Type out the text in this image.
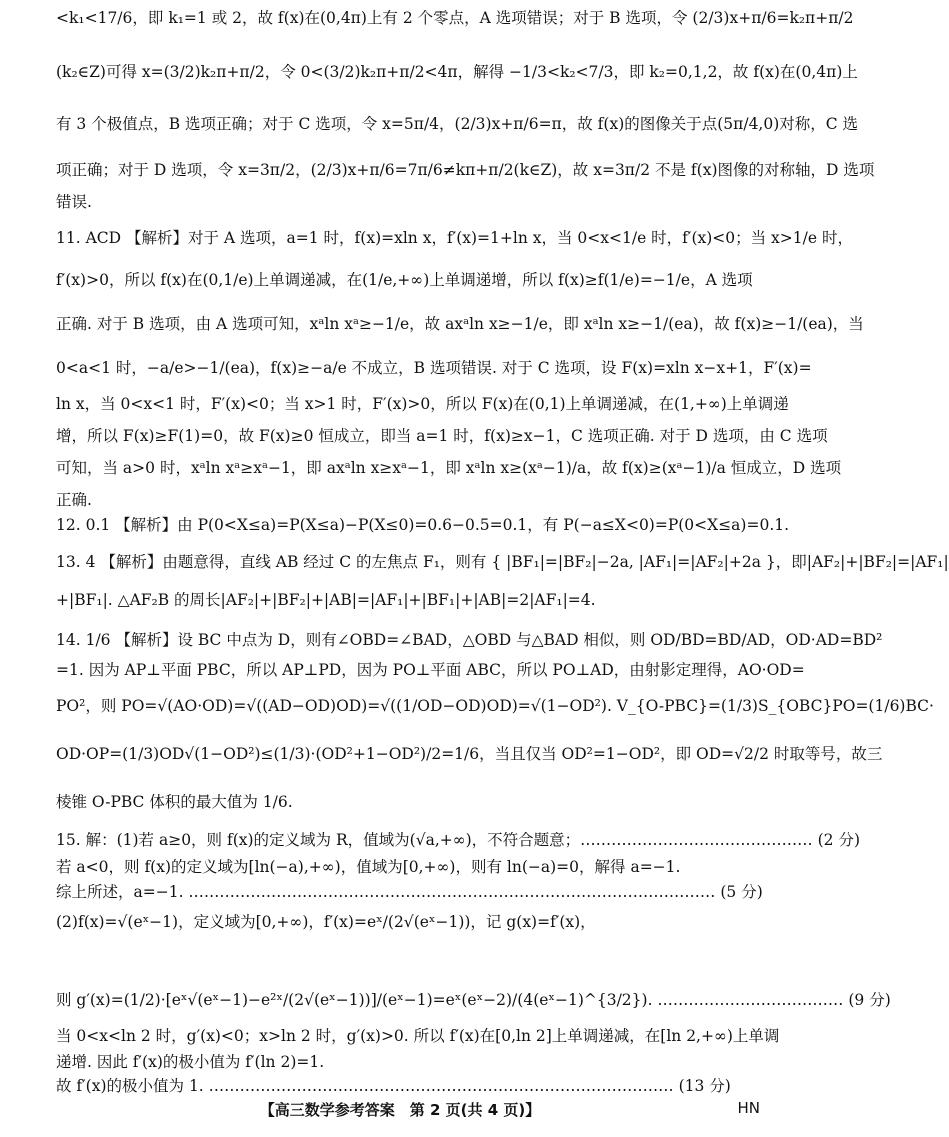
<k₁<17/6，即 k₁=1 或 2，故 f(x)在(0,4π)上有 2 个零点，A 选项错误；对于 B 选项，令 (2/3)x+π/6=k₂π+π/2
(k₂∈Z)可得 x=(3/2)k₂π+π/2，令 0<(3/2)k₂π+π/2<4π，解得 −1/3<k₂<7/3，即 k₂=0,1,2，故 f(x)在(0,4π)上
有 3 个极值点，B 选项正确；对于 C 选项，令 x=5π/4，(2/3)x+π/6=π，故 f(x)的图像关于点(5π/4,0)对称，C 选
项正确；对于 D 选项，令 x=3π/2，(2/3)x+π/6=7π/6≠kπ+π/2(k∈Z)，故 x=3π/2 不是 f(x)图像的对称轴，D 选项
错误.
11. ACD 【解析】对于 A 选项，a=1 时，f(x)=xln x，f′(x)=1+ln x，当 0<x<1/e 时，f′(x)<0；当 x>1/e 时，
f′(x)>0，所以 f(x)在(0,1/e)上单调递减，在(1/e,+∞)上单调递增，所以 f(x)≥f(1/e)=−1/e，A 选项
正确. 对于 B 选项，由 A 选项可知，xᵃln xᵃ≥−1/e，故 axᵃln x≥−1/e，即 xᵃln x≥−1/(ea)，故 f(x)≥−1/(ea)，当
0<a<1 时，−a/e>−1/(ea)，f(x)≥−a/e 不成立，B 选项错误. 对于 C 选项，设 F(x)=xln x−x+1，F′(x)=
ln x，当 0<x<1 时，F′(x)<0；当 x>1 时，F′(x)>0，所以 F(x)在(0,1)上单调递减，在(1,+∞)上单调递
增，所以 F(x)≥F(1)=0，故 F(x)≥0 恒成立，即当 a=1 时，f(x)≥x−1，C 选项正确. 对于 D 选项，由 C 选项
可知，当 a>0 时，xᵃln xᵃ≥xᵃ−1，即 axᵃln x≥xᵃ−1，即 xᵃln x≥(xᵃ−1)/a，故 f(x)≥(xᵃ−1)/a 恒成立，D 选项
正确.
12. 0.1 【解析】由 P(0<X≤a)=P(X≤a)−P(X≤0)=0.6−0.5=0.1，有 P(−a≤X<0)=P(0<X≤a)=0.1.
13. 4 【解析】由题意得，直线 AB 经过 C 的左焦点 F₁，则有 { |BF₁|=|BF₂|−2a, |AF₁|=|AF₂|+2a }，即|AF₂|+|BF₂|=|AF₁|
+|BF₁|. △AF₂B 的周长|AF₂|+|BF₂|+|AB|=|AF₁|+|BF₁|+|AB|=2|AF₁|=4.
14. 1/6 【解析】设 BC 中点为 D，则有∠OBD=∠BAD，△OBD 与△BAD 相似，则 OD/BD=BD/AD，OD·AD=BD²
=1. 因为 AP⊥平面 PBC，所以 AP⊥PD，因为 PO⊥平面 ABC，所以 PO⊥AD，由射影定理得，AO·OD=
PO²，则 PO=√(AO·OD)=√((AD−OD)OD)=√((1/OD−OD)OD)=√(1−OD²). V_{O-PBC}=(1/3)S_{OBC}PO=(1/6)BC·
OD·OP=(1/3)OD√(1−OD²)≤(1/3)·(OD²+1−OD²)/2=1/6，当且仅当 OD²=1−OD²，即 OD=√2/2 时取等号，故三
棱锥 O-PBC 体积的最大值为 1/6.
15. 解：(1)若 a≥0，则 f(x)的定义域为 R，值域为(√a,+∞)，不符合题意；……………………………………… (2 分)
若 a<0，则 f(x)的定义域为[ln(−a),+∞)，值域为[0,+∞)，则有 ln(−a)=0，解得 a=−1.
综上所述，a=−1. ………………………………………………………………………………………… (5 分)
(2)f(x)=√(eˣ−1)，定义域为[0,+∞)，f′(x)=eˣ/(2√(eˣ−1))，记 g(x)=f′(x)，
则 g′(x)=(1/2)·[eˣ√(eˣ−1)−e²ˣ/(2√(eˣ−1))]/(eˣ−1)=eˣ(eˣ−2)/(4(eˣ−1)^{3/2}). ……………………………… (9 分)
当 0<x<ln 2 时，g′(x)<0；x>ln 2 时，g′(x)>0. 所以 f′(x)在[0,ln 2]上单调递减，在[ln 2,+∞)上单调
递增. 因此 f′(x)的极小值为 f′(ln 2)=1.
故 f′(x)的极小值为 1. ……………………………………………………………………………… (13 分)
【高三数学参考答案　第 2 页(共 4 页)】	HN
